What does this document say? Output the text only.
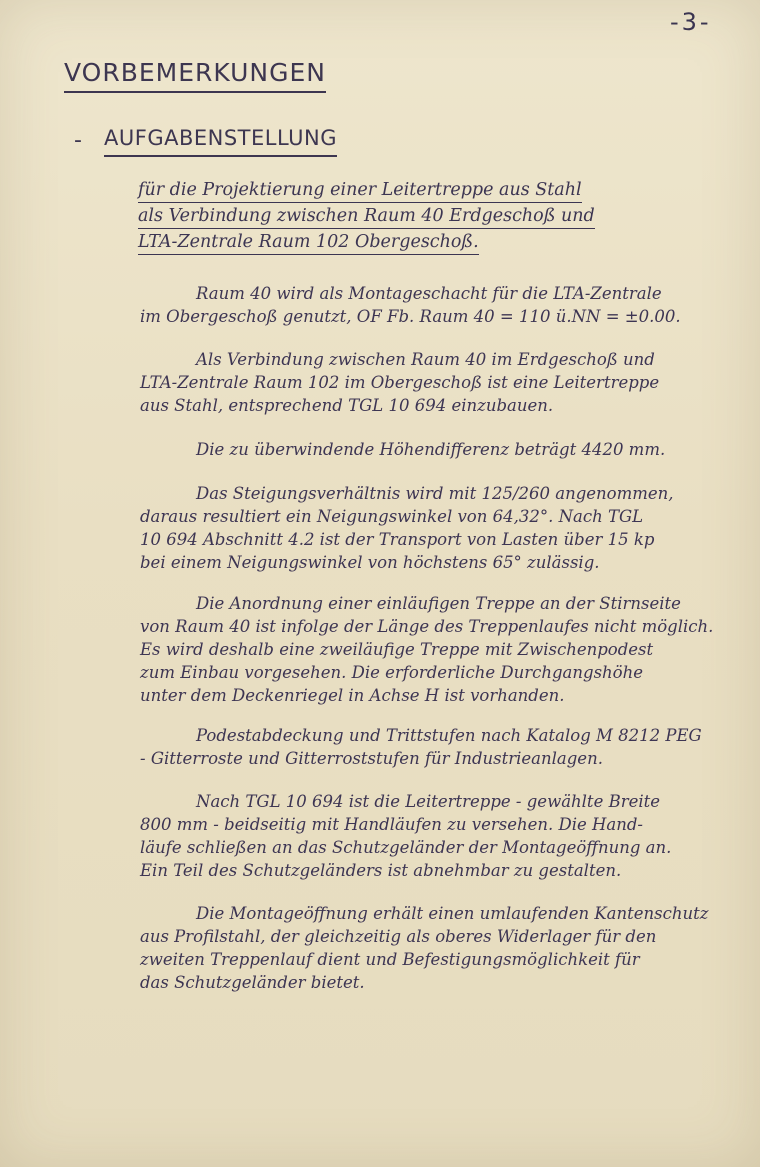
-3-
VORBEMERKUNGEN
- AUFGABENSTELLUNG
für die Projektierung einer Leitertreppe aus Stahl
als Verbindung zwischen Raum 40 Erdgeschoß und
LTA-Zentrale Raum 102 Obergeschoß.
Raum 40 wird als Montageschacht für die LTA-Zentrale
im Obergeschoß genutzt, OF Fb. Raum 40 = 110 ü.NN = ±0.00.
Als Verbindung zwischen Raum 40 im Erdgeschoß und
LTA-Zentrale Raum 102 im Obergeschoß ist eine Leitertreppe
aus Stahl, entsprechend TGL 10 694 einzubauen.
Die zu überwindende Höhendifferenz beträgt 4420 mm.
Das Steigungsverhältnis wird mit 125/260 angenommen,
daraus resultiert ein Neigungswinkel von 64,32°. Nach TGL
10 694 Abschnitt 4.2 ist der Transport von Lasten über 15 kp
bei einem Neigungswinkel von höchstens 65° zulässig.
Die Anordnung einer einläufigen Treppe an der Stirnseite
von Raum 40 ist infolge der Länge des Treppenlaufes nicht möglich.
Es wird deshalb eine zweiläufige Treppe mit Zwischenpodest
zum Einbau vorgesehen. Die erforderliche Durchgangshöhe
unter dem Deckenriegel in Achse H ist vorhanden.
Podestabdeckung und Trittstufen nach Katalog M 8212 PEG
- Gitterroste und Gitterroststufen für Industrieanlagen.
Nach TGL 10 694 ist die Leitertreppe - gewählte Breite
800 mm - beidseitig mit Handläufen zu versehen. Die Hand-
läufe schließen an das Schutzgeländer der Montageöffnung an.
Ein Teil des Schutzgeländers ist abnehmbar zu gestalten.
Die Montageöffnung erhält einen umlaufenden Kantenschutz
aus Profilstahl, der gleichzeitig als oberes Widerlager für den
zweiten Treppenlauf dient und Befestigungsmöglichkeit für
das Schutzgeländer bietet.
